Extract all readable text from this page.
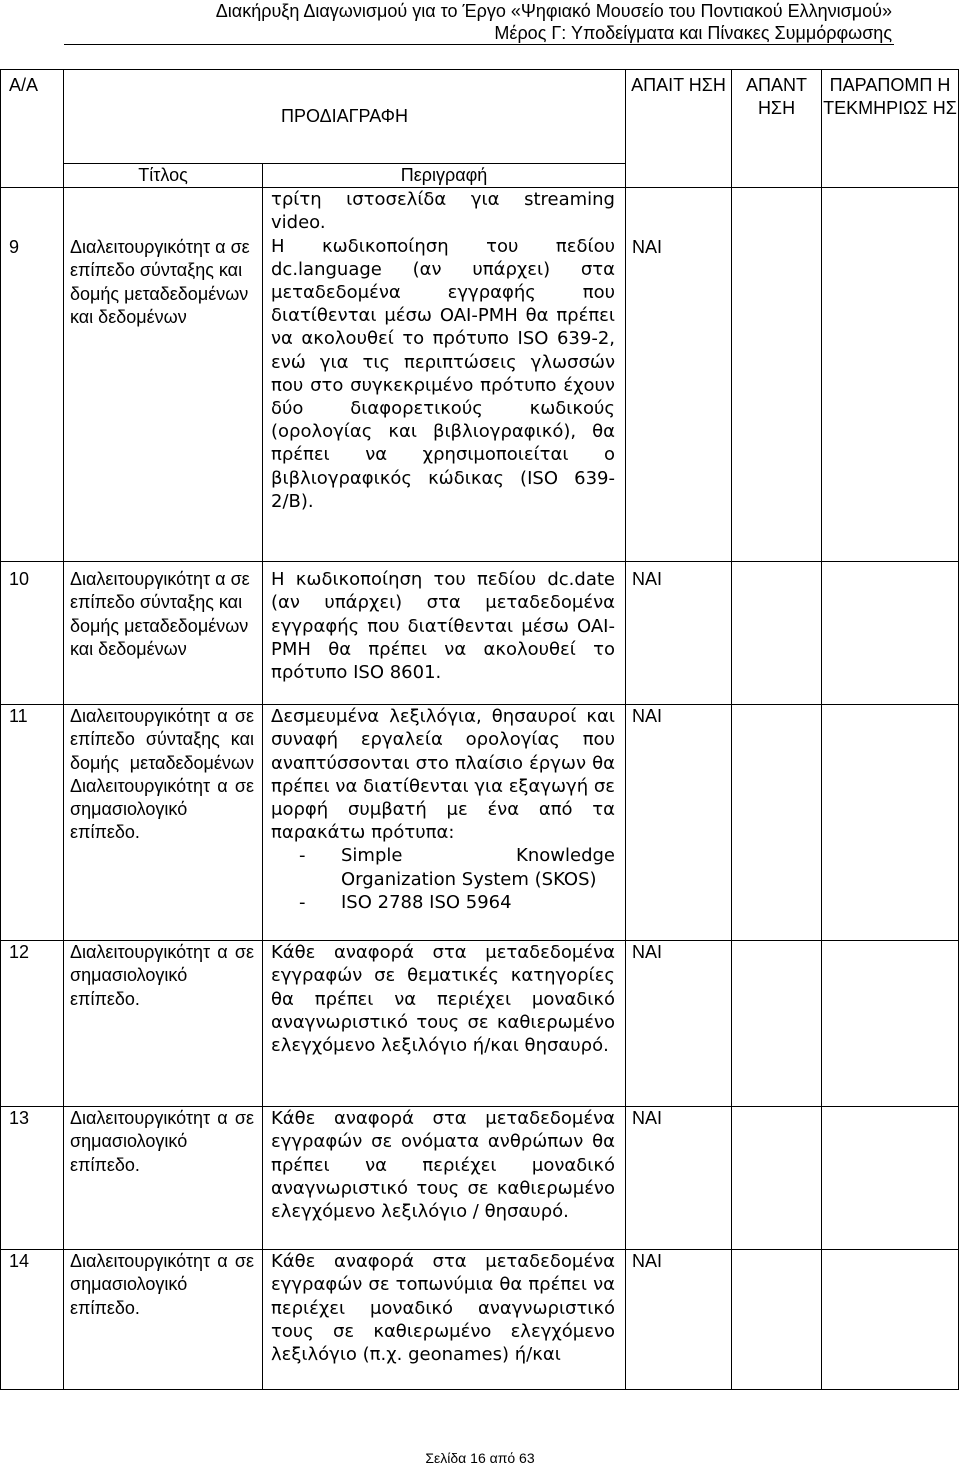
Διακήρυξη Διαγωνισμού για το Έργο «Ψηφιακό Μουσείο του Ποντιακού Ελληνισμού»
Μέρος Γ: Υποδείγματα και Πίνακες Συμμόρφωσης
Α/Α	ΠΡΟΔΙΑΓΡΑΦΗ		ΑΠΑΙΤ ΗΣΗ	ΑΠΑΝΤ ΗΣΗ	ΠΑΡΑΠΟΜΠ Η ΤΕΚΜΗΡΙΩΣ ΗΣ
	Τίτλος	Περιγραφή			

9	Διαλειτουργικότητ α σε επίπεδο σύνταξης και δομής μεταδεδομένων και δεδομένων	τρίτη ιστοσελίδα για streaming video.
Η κωδικοποίηση του πεδίου dc.language (αν υπάρχει) στα μεταδεδομένα εγγραφής που διατίθενται μέσω OAI-PMH θα πρέπει να ακολουθεί το πρότυπο ISO 639-2, ενώ για τις περιπτώσεις γλωσσών που στο συγκεκριμένο πρότυπο έχουν δύο διαφορετικούς κωδικούς (ορολογίας και βιβλιογραφικό), θα πρέπει να χρησιμοποιείται ο βιβλιογραφικός κώδικας (ISO 639-2/B).	ΝΑΙ		

10	Διαλειτουργικότητ α σε επίπεδο σύνταξης και δομής μεταδεδομένων και δεδομένων	Η κωδικοποίηση του πεδίου dc.date (αν υπάρχει) στα μεταδεδομένα εγγραφής που διατίθενται μέσω OAI-PMH θα πρέπει να ακολουθεί το πρότυπο ISO 8601.	ΝΑΙ		
11	Διαλειτουργικότητ α σε επίπεδο σύνταξης και δομής μεταδεδομένων Διαλειτουργικότητ α σε σημασιολογικό επίπεδο.	Δεσμευμένα λεξιλόγια, θησαυροί και συναφή εργαλεία ορολογίας που αναπτύσσονται στο πλαίσιο έργων θα πρέπει να διατίθενται για εξαγωγή σε μορφή συμβατή με ένα από τα παρακάτω πρότυπα:
- Simple Knowledge Organization System (SKOS)
- ISO 2788 ISO 5964	ΝΑΙ		
12	Διαλειτουργικότητ α σε σημασιολογικό επίπεδο.	Κάθε αναφορά στα μεταδεδομένα εγγραφών σε θεματικές κατηγορίες θα πρέπει να περιέχει μοναδικό αναγνωριστικό τους σε καθιερωμένο ελεγχόμενο λεξιλόγιο ή/και θησαυρό.	ΝΑΙ		
13	Διαλειτουργικότητ α σε σημασιολογικό επίπεδο.	Κάθε αναφορά στα μεταδεδομένα εγγραφών σε ονόματα ανθρώπων θα πρέπει να περιέχει μοναδικό αναγνωριστικό τους σε καθιερωμένο ελεγχόμενο λεξιλόγιο / θησαυρό.	ΝΑΙ		
14	Διαλειτουργικότητ α σε σημασιολογικό επίπεδο.	Κάθε αναφορά στα μεταδεδομένα εγγραφών σε τοπωνύμια θα πρέπει να περιέχει μοναδικό αναγνωριστικό τους σε καθιερωμένο ελεγχόμενο λεξιλόγιο (π.χ. geonames) ή/και	ΝΑΙ		
Σελίδα 16 από 63
